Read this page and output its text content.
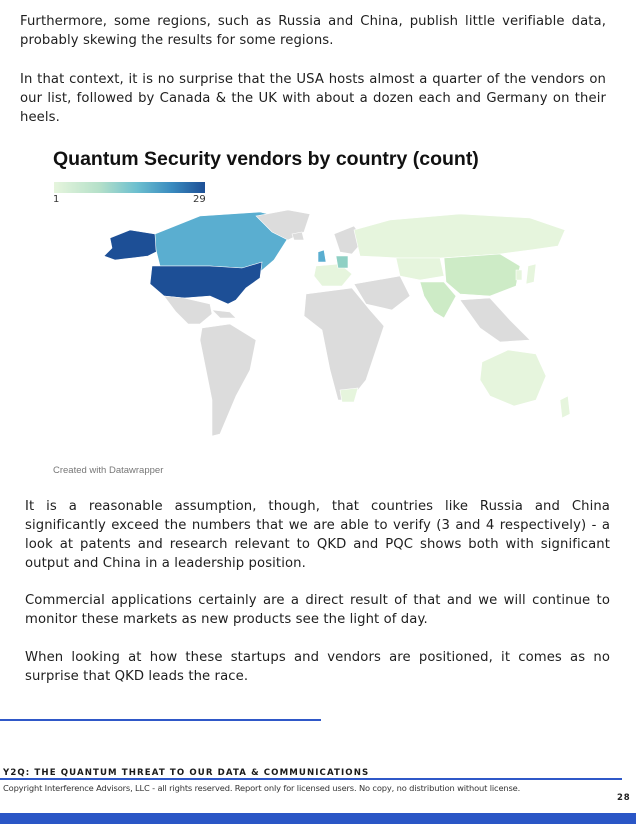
Furthermore, some regions, such as Russia and China, publish little verifiable data, probably skewing the results for some regions.

In that context, it is no surprise that the USA hosts almost a quarter of the vendors on our list, followed by Canada & the UK with about a dozen each and Germany on their heels.

Quantum Security vendors by country (count)
1	29
Created with Datawrapper

It is a reasonable assumption, though, that countries like Russia and China significantly exceed the numbers that we are able to verify (3 and 4 respectively) - a look at patents and research relevant to QKD and PQC shows both with significant output and China in a leadership position.

Commercial applications certainly are a direct result of that and we will continue to monitor these markets as new products see the light of day.

When looking at how these startups and vendors are positioned, it comes as no surprise that QKD leads the race.

Y2Q: THE QUANTUM THREAT TO OUR DATA & COMMUNICATIONS
Copyright Interference Advisors, LLC - all rights reserved. Report only for licensed users. No copy, no distribution without license.
28
